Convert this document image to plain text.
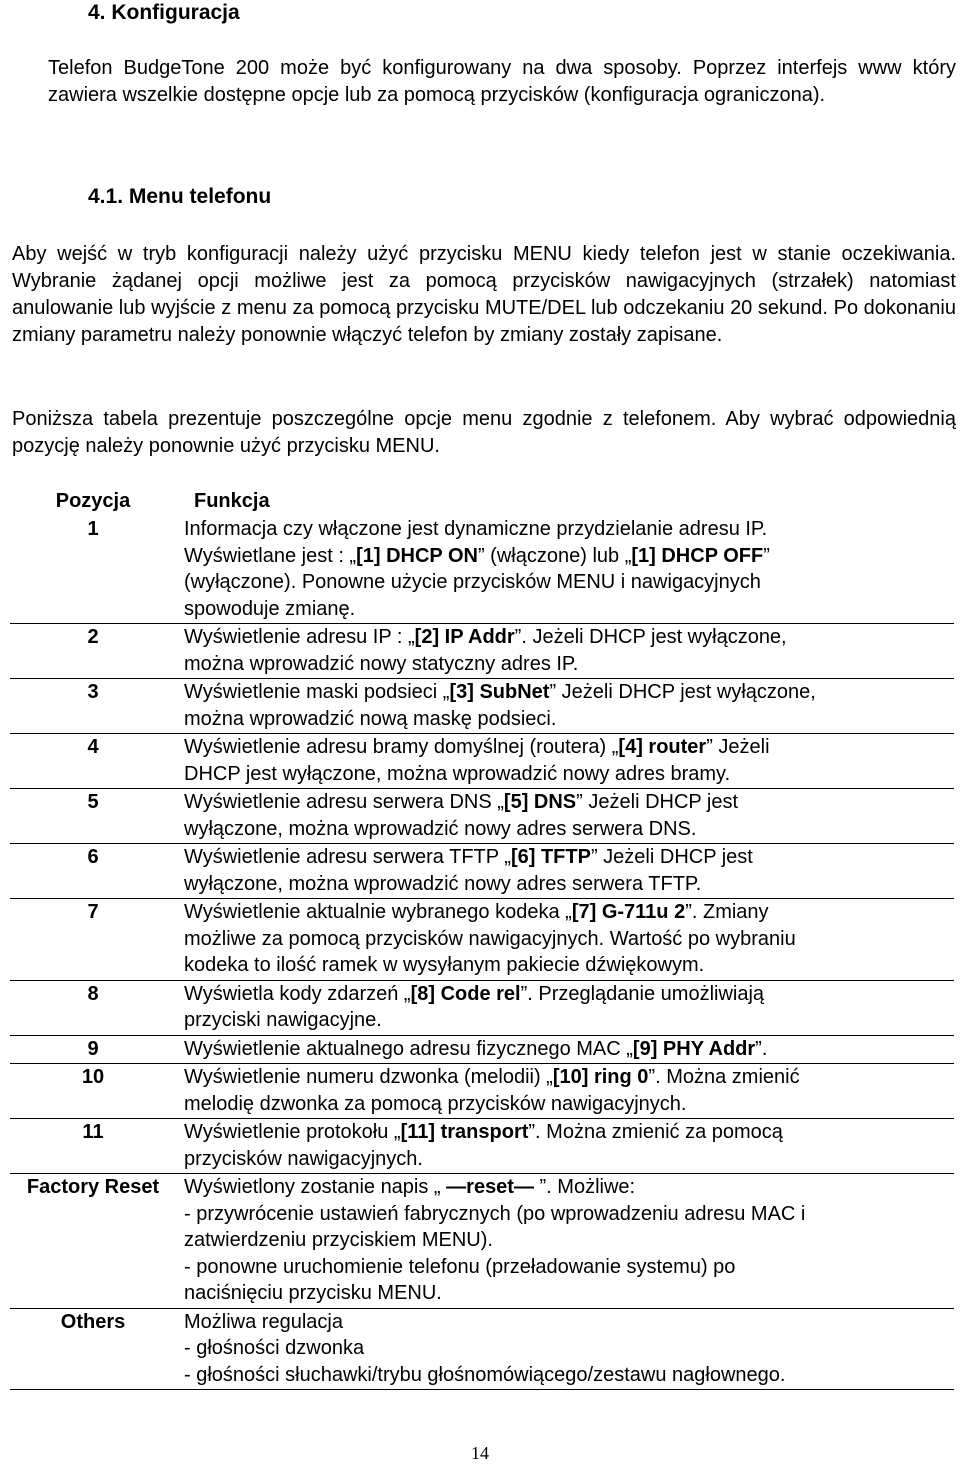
4. Konfiguracja

Telefon BudgeTone 200 może być konfigurowany na dwa sposoby. Poprzez interfejs www który zawiera wszelkie dostępne opcje lub za pomocą przycisków (konfiguracja ograniczona).

4.1. Menu telefonu

Aby wejść w tryb konfiguracji należy użyć przycisku MENU kiedy telefon jest w stanie oczekiwania. Wybranie żądanej opcji możliwe jest za pomocą przycisków nawigacyjnych (strzałek) natomiast anulowanie lub wyjście z menu za pomocą przycisku MUTE/DEL lub odczekaniu 20 sekund. Po dokonaniu zmiany parametru należy ponownie włączyć telefon by zmiany zostały zapisane.

Poniższa tabela prezentuje poszczególne opcje menu zgodnie z telefonem. Aby wybrać odpowiednią pozycję należy ponownie użyć przycisku MENU.

Pozycja	Funkcja
1	Informacja czy włączone jest dynamiczne przydzielanie adresu IP.
Wyświetlane jest : „[1] DHCP ON” (włączone) lub „[1] DHCP OFF”
(wyłączone). Ponowne użycie przycisków MENU i nawigacyjnych
spowoduje zmianę.

2	Wyświetlenie adresu IP : „[2] IP Addr”. Jeżeli DHCP jest wyłączone,
można wprowadzić nowy statyczny adres IP.

3	Wyświetlenie maski podsieci „[3] SubNet” Jeżeli DHCP jest wyłączone,
można wprowadzić nową maskę podsieci.

4	Wyświetlenie adresu bramy domyślnej (routera) „[4] router” Jeżeli
DHCP jest wyłączone, można wprowadzić nowy adres bramy.

5	Wyświetlenie adresu serwera DNS „[5] DNS” Jeżeli DHCP jest
wyłączone, można wprowadzić nowy adres serwera DNS.

6	Wyświetlenie adresu serwera TFTP „[6] TFTP” Jeżeli DHCP jest
wyłączone, można wprowadzić nowy adres serwera TFTP.

7	Wyświetlenie aktualnie wybranego kodeka „[7] G-711u 2”. Zmiany
możliwe za pomocą przycisków nawigacyjnych. Wartość po wybraniu
kodeka to ilość ramek w wysyłanym pakiecie dźwiękowym.

8	Wyświetla kody zdarzeń „[8] Code rel”. Przeglądanie umożliwiają
przyciski nawigacyjne.

9	Wyświetlenie aktualnego adresu fizycznego MAC „[9] PHY Addr”.

10	Wyświetlenie numeru dzwonka (melodii) „[10] ring 0”. Można zmienić
melodię dzwonka za pomocą przycisków nawigacyjnych.

11	Wyświetlenie protokołu „[11] transport”. Można zmienić za pomocą
przycisków nawigacyjnych.

Factory Reset	Wyświetlony zostanie napis „ —reset— ”. Możliwe:
- przywrócenie ustawień fabrycznych (po wprowadzeniu adresu MAC i
zatwierdzeniu przyciskiem MENU).
- ponowne uruchomienie telefonu (przeładowanie systemu) po
naciśnięciu przycisku MENU.

Others	Możliwa regulacja
- głośności dzwonka
- głośności słuchawki/trybu głośnomówiącego/zestawu nagłownego.
14
